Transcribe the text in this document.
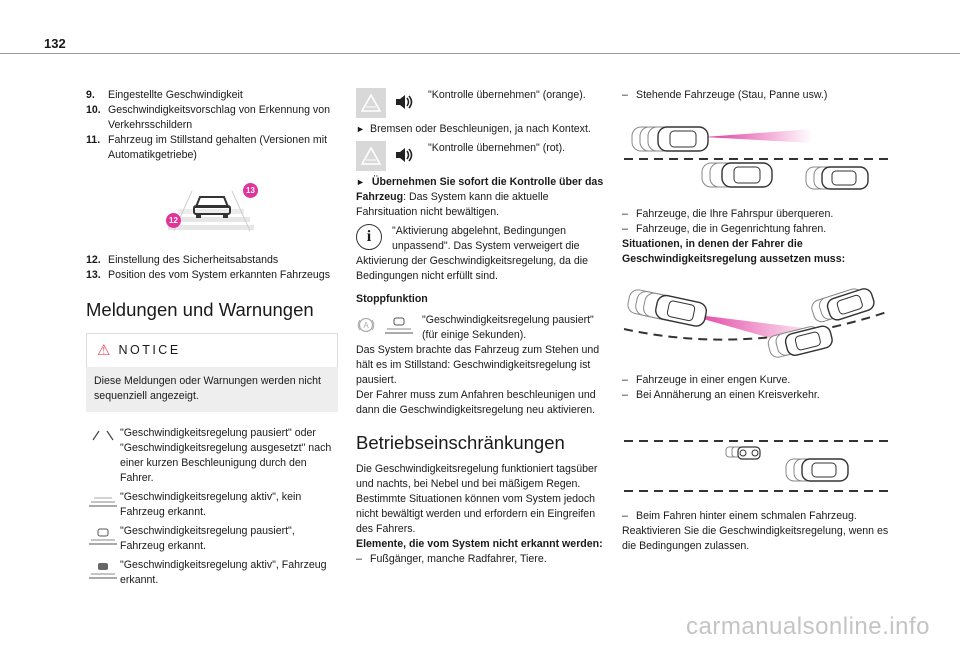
132
9.	Eingestellte Geschwindigkeit
10. Geschwindigkeitsvorschlag von Erkennung von Verkehrsschildern
11. Fahrzeug im Stillstand gehalten (Versionen mit Automatikgetriebe)
13
12
12. Einstellung des Sicherheitsabstands
13. Position des vom System erkannten Fahrzeugs
Meldungen und Warnungen
⚠ NOTICE
Diese Meldungen oder Warnungen werden nicht sequenziell angezeigt.
"Geschwindigkeitsregelung pausiert" oder "Geschwindigkeitsregelung ausgesetzt" nach einer kurzen Beschleunigung durch den Fahrer.
"Geschwindigkeitsregelung aktiv", kein Fahrzeug erkannt.
"Geschwindigkeitsregelung pausiert", Fahrzeug erkannt.
"Geschwindigkeitsregelung aktiv", Fahrzeug erkannt.
"Kontrolle übernehmen" (orange).
► Bremsen oder Beschleunigen, ja nach Kontext.
"Kontrolle übernehmen" (rot).
► Übernehmen Sie sofort die Kontrolle über das Fahrzeug: Das System kann die aktuelle Fahrsituation nicht bewältigen.
i	"Aktivierung abgelehnt, Bedingungen unpassend". Das System verweigert die Aktivierung der Geschwindigkeitsregelung, da die Bedingungen nicht erfüllt sind.
Stoppfunktion
A	"Geschwindigkeitsregelung pausiert" (für einige Sekunden).
Das System brachte das Fahrzeug zum Stehen und hält es im Stillstand: Geschwindigkeitsregelung ist pausiert.
Der Fahrer muss zum Anfahren beschleunigen und dann die Geschwindigkeitsregelung neu aktivieren.
Betriebseinschränkungen
Die Geschwindigkeitsregelung funktioniert tagsüber und nachts, bei Nebel und bei mäßigem Regen. Bestimmte Situationen können vom System jedoch nicht bewältigt werden und erfordern ein Eingreifen des Fahrers.
Elemente, die vom System nicht erkannt werden:
– Fußgänger, manche Radfahrer, Tiere.
– Stehende Fahrzeuge (Stau, Panne usw.)
– Fahrzeuge, die Ihre Fahrspur überqueren.
– Fahrzeuge, die in Gegenrichtung fahren.
Situationen, in denen der Fahrer die Geschwindigkeitsregelung aussetzen muss:
– Fahrzeuge in einer engen Kurve.
– Bei Annäherung an einen Kreisverkehr.
– Beim Fahren hinter einem schmalen Fahrzeug.
Reaktivieren Sie die Geschwindigkeitsregelung, wenn es die Bedingungen zulassen.
carmanualsonline.info
